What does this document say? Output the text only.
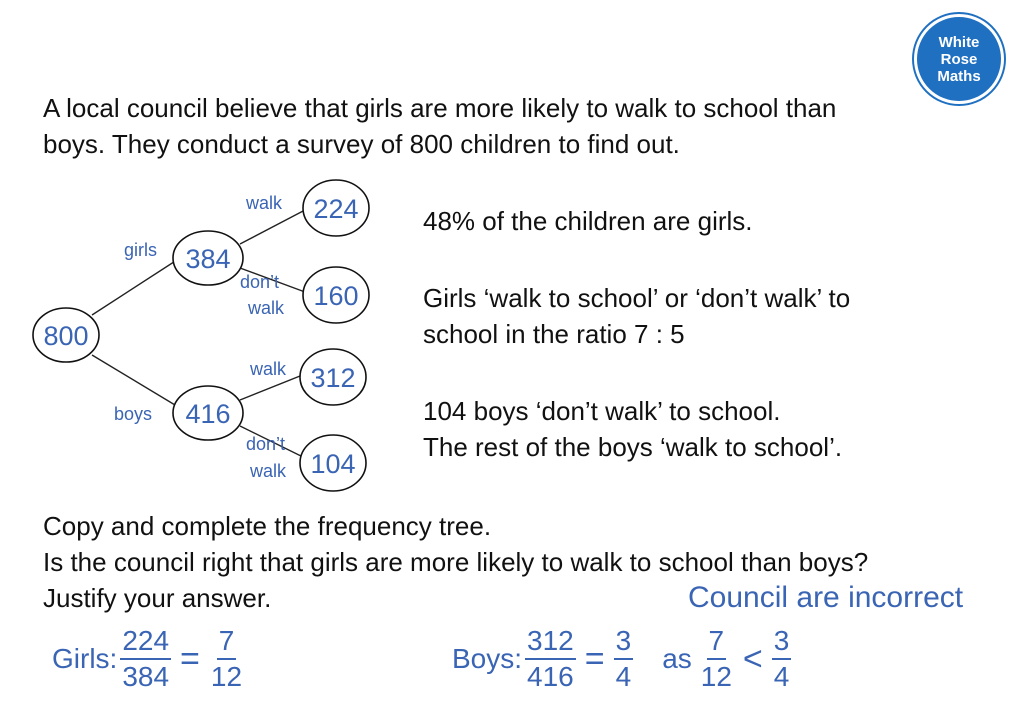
White
Rose
Maths
A local council believe that girls are more likely to walk to school than
boys. They conduct a survey of 800 children to find out.
800
384
416
224
160
312
104
girls
boys
walk
don’t
walk
walk
don’t
walk
48% of the children are girls.
Girls ‘walk to school’ or ‘don’t walk’ to
school in the ratio 7 : 5
104 boys ‘don’t walk’ to school.
The rest of the boys ‘walk to school’.
Copy and complete the frequency tree.
Is the council right that girls are more likely to walk to school than boys?
Justify your answer.	Council are incorrect
Girls: $\frac{224}{384} = \frac{7}{12}$	Boys: $\frac{312}{416} = \frac{3}{4}$ as $\frac{7}{12} < \frac{3}{4}$
